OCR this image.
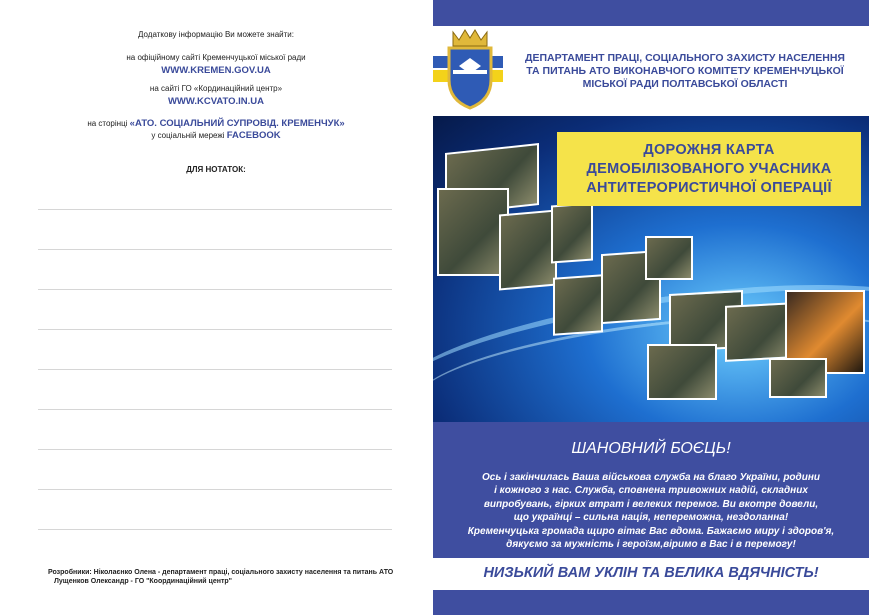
Додаткову інформацію Ви можете знайти:
на офіційному сайті Кременчуцької міської ради
WWW.KREMEN.GOV.UA
на сайті ГО «Кординаційний центр»
WWW.KCVATO.IN.UA
на сторінці «АТО. СОЦІАЛЬНИЙ СУПРОВІД. КРЕМЕНЧУК»
у соціальній мережі FACEBOOK
ДЛЯ НОТАТОК:
Розробники: Ніколаєнко Олена - департамент праці, соціального захисту населення та питань АТО
Лущенков Олександр - ГО "Координаційний центр"
ДЕПАРТАМЕНТ ПРАЦІ, СОЦІАЛЬНОГО ЗАХИСТУ НАСЕЛЕННЯ
ТА ПИТАНЬ АТО ВИКОНАВЧОГО КОМІТЕТУ КРЕМЕНЧУЦЬКОЇ
МІСЬКОЇ РАДИ ПОЛТАВСЬКОЇ ОБЛАСТІ
ДОРОЖНЯ КАРТА
ДЕМОБІЛІЗОВАНОГО УЧАСНИКА
АНТИТЕРОРИСТИЧНОЇ ОПЕРАЦІЇ
ШАНОВНИЙ БОЄЦЬ!
Ось і закінчилась Ваша військова служба на благо України, родини
і кожного з нас. Служба, сповнена тривожних надій, складних
випробувань, гірких втрат і велеких перемог. Ви вкотре довели,
що українці – сильна нація, непереможна, нездоланна!
Кременчуцька громада щиро вітає Вас вдома. Бажаємо миру і здоров'я,
дякуємо за мужність і героїзм,віримо в Вас і в перемогу!
НИЗЬКИЙ ВАМ УКЛІН ТА ВЕЛИКА ВДЯЧНІСТЬ!
